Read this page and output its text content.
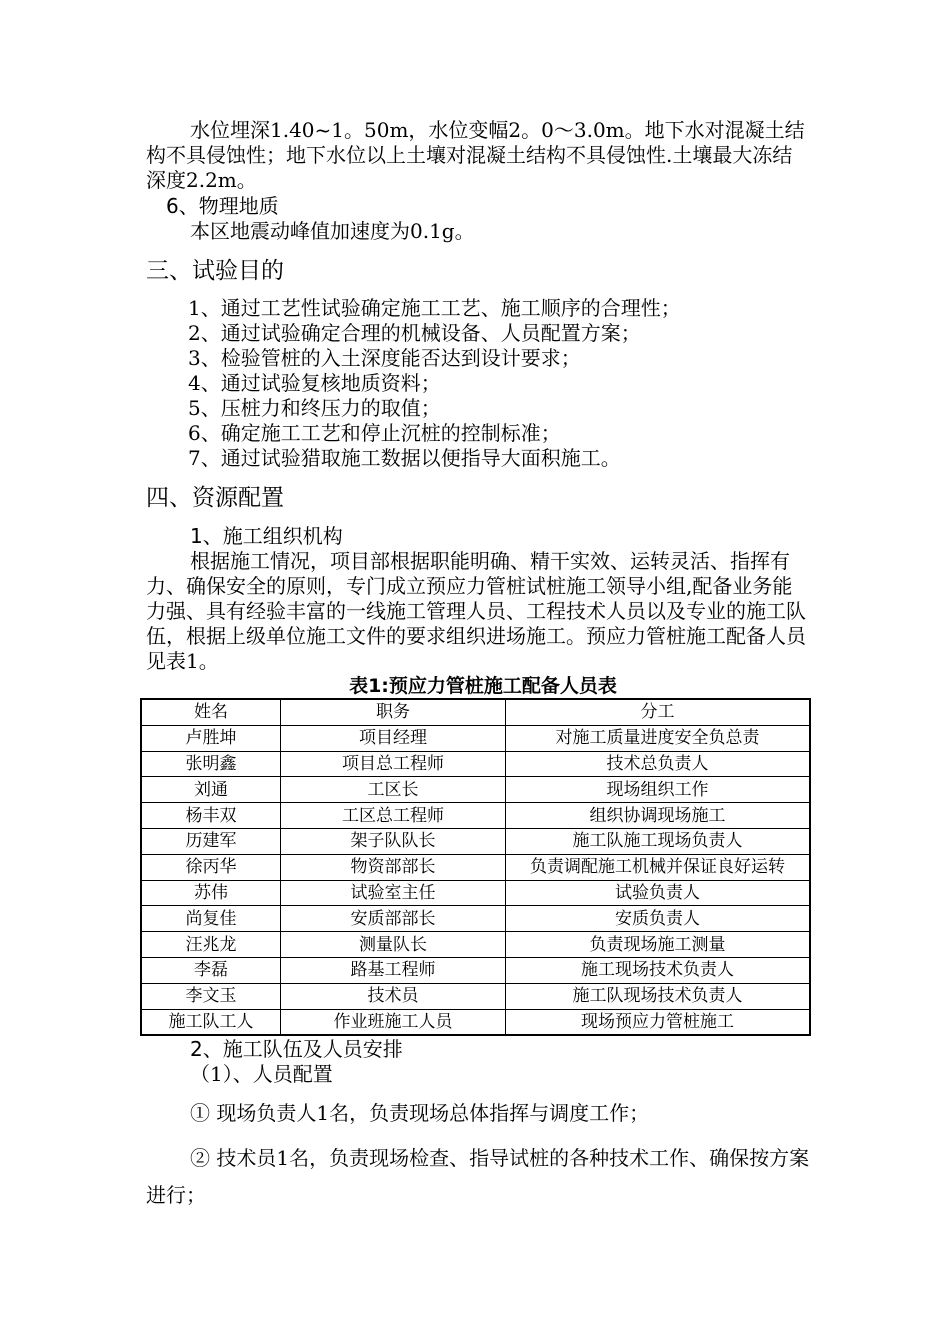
水位埋深1.40~1。50m，水位变幅2。0～3.0m。地下水对混凝土结构不具侵蚀性；地下水位以上土壤对混凝土结构不具侵蚀性.土壤最大冻结深度2.2m。

6、物理地质

本区地震动峰值加速度为0.1g。

三、试验目的

1、通过工艺性试验确定施工工艺、施工顺序的合理性；

2、通过试验确定合理的机械设备、人员配置方案；

3、检验管桩的入土深度能否达到设计要求；

4、通过试验复核地质资料；

5、压桩力和终压力的取值；

6、确定施工工艺和停止沉桩的控制标准；

7、通过试验猎取施工数据以便指导大面积施工。

四、资源配置

1、施工组织机构

根据施工情况，项目部根据职能明确、精干实效、运转灵活、指挥有力、确保安全的原则，专门成立预应力管桩试桩施工领导小组,配备业务能力强、具有经验丰富的一线施工管理人员、工程技术人员以及专业的施工队伍，根据上级单位施工文件的要求组织进场施工。预应力管桩施工配备人员见表1。

表1:预应力管桩施工配备人员表

姓名	职务	分工
卢胜坤	项目经理	对施工质量进度安全负总责
张明鑫	项目总工程师	技术总负责人
刘通	工区长	现场组织工作
杨丰双	工区总工程师	组织协调现场施工
历建军	架子队队长	施工队施工现场负责人
徐丙华	物资部部长	负责调配施工机械并保证良好运转
苏伟	试验室主任	试验负责人
尚复佳	安质部部长	安质负责人
汪兆龙	测量队长	负责现场施工测量
李磊	路基工程师	施工现场技术负责人
李文玉	技术员	施工队现场技术负责人
施工队工人	作业班施工人员	现场预应力管桩施工

2、施工队伍及人员安排

（1）、人员配置

① 现场负责人1名，负责现场总体指挥与调度工作；

② 技术员1名，负责现场检查、指导试桩的各种技术工作、确保按方案进行；
